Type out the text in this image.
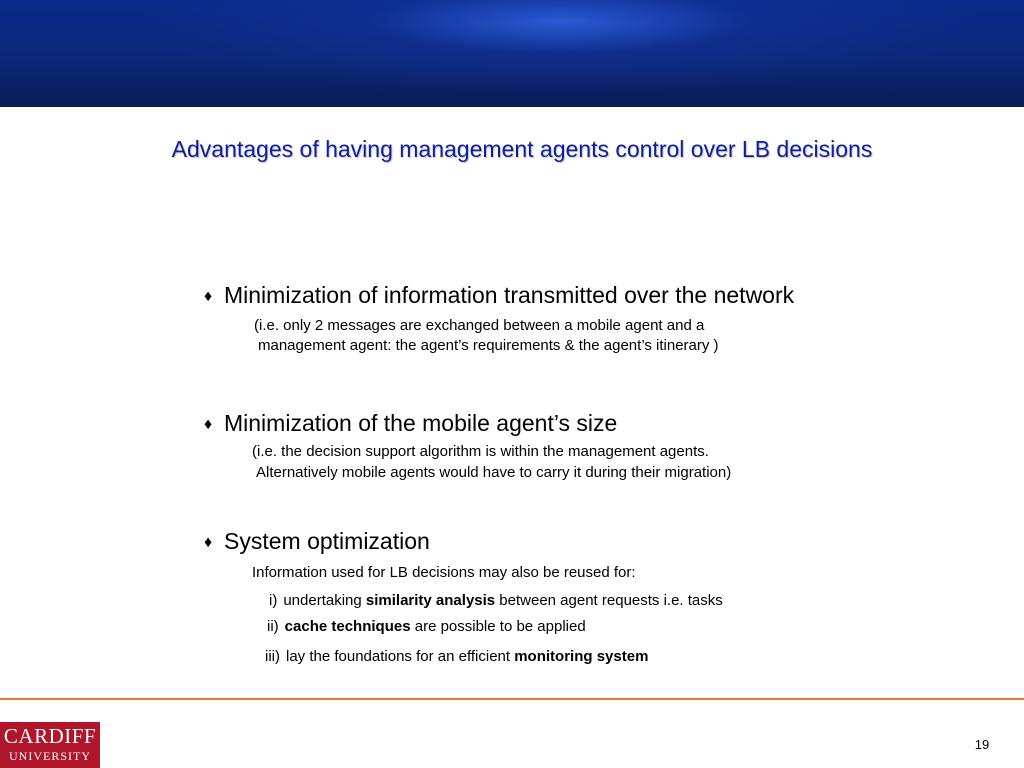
Advantages of having management agents control over LB decisions
♦ Minimization of information transmitted over the network
(i.e. only 2 messages are exchanged between a mobile agent and a
management agent: the agent’s requirements & the agent’s itinerary )
♦ Minimization of the mobile agent’s size
(i.e. the decision support algorithm is within the management agents.
Alternatively mobile agents would have to carry it during their migration)
♦ System optimization
Information used for LB decisions may also be reused for:
i) undertaking similarity analysis between agent requests i.e. tasks
ii) cache techniques are possible to be applied
iii) lay the foundations for an efficient monitoring system
CARDIFF
UNIVERSITY
19
